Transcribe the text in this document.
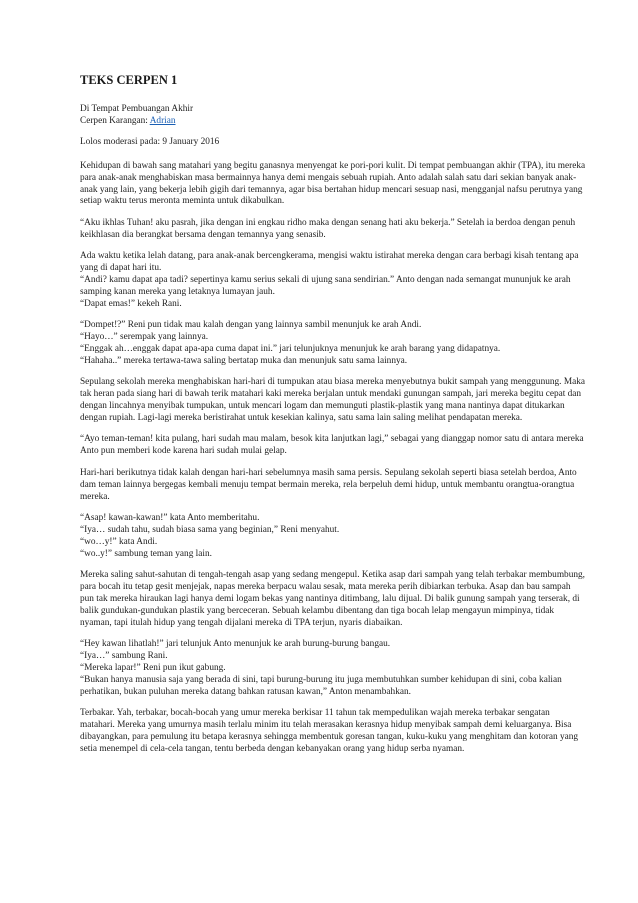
TEKS CERPEN 1

Di Tempat Pembuangan Akhir

Cerpen Karangan: Adrian

Lolos moderasi pada: 9 January 2016

Kehidupan di bawah sang matahari yang begitu ganasnya menyengat ke pori-pori kulit. Di tempat pembuangan akhir (TPA), itu mereka para anak-anak menghabiskan masa bermainnya hanya demi mengais sebuah rupiah. Anto adalah salah satu dari sekian banyak anak-anak yang lain, yang bekerja lebih gigih dari temannya, agar bisa bertahan hidup mencari sesuap nasi, mengganjal nafsu perutnya yang setiap waktu terus meronta meminta untuk dikabulkan.

“Aku ikhlas Tuhan! aku pasrah, jika dengan ini engkau ridho maka dengan senang hati aku bekerja.” Setelah ia berdoa dengan penuh keikhlasan dia berangkat bersama dengan temannya yang senasib.

Ada waktu ketika lelah datang, para anak-anak bercengkerama, mengisi waktu istirahat mereka dengan cara berbagi kisah tentang apa yang di dapat hari itu.
“Andi? kamu dapat apa tadi? sepertinya kamu serius sekali di ujung sana sendirian.” Anto dengan nada semangat mununjuk ke arah samping kanan mereka yang letaknya lumayan jauh.
“Dapat emas!” kekeh Rani.

“Dompet!?” Reni pun tidak mau kalah dengan yang lainnya sambil menunjuk ke arah Andi.
“Hayo…” serempak yang lainnya.
“Enggak ah…enggak dapat apa-apa cuma dapat ini.” jari telunjuknya menunjuk ke arah barang yang didapatnya.
“Hahaha..” mereka tertawa-tawa saling bertatap muka dan menunjuk satu sama lainnya.

Sepulang sekolah mereka menghabiskan hari-hari di tumpukan atau biasa mereka menyebutnya bukit sampah yang menggunung. Maka tak heran pada siang hari di bawah terik matahari kaki mereka berjalan untuk mendaki gunungan sampah, jari mereka begitu cepat dan dengan lincahnya menyibak tumpukan, untuk mencari logam dan memunguti plastik-plastik yang mana nantinya dapat ditukarkan dengan rupiah. Lagi-lagi mereka beristirahat untuk kesekian kalinya, satu sama lain saling melihat pendapatan mereka.

“Ayo teman-teman! kita pulang, hari sudah mau malam, besok kita lanjutkan lagi,” sebagai yang dianggap nomor satu di antara mereka Anto pun memberi kode karena hari sudah mulai gelap.

Hari-hari berikutnya tidak kalah dengan hari-hari sebelumnya masih sama persis. Sepulang sekolah seperti biasa setelah berdoa, Anto dam teman lainnya bergegas kembali menuju tempat bermain mereka, rela berpeluh demi hidup, untuk membantu orangtua-orangtua mereka.

“Asap! kawan-kawan!” kata Anto memberitahu.
“Iya… sudah tahu, sudah biasa sama yang beginian,” Reni menyahut.
“wo…y!” kata Andi.
“wo..y!” sambung teman yang lain.

Mereka saling sahut-sahutan di tengah-tengah asap yang sedang mengepul. Ketika asap dari sampah yang telah terbakar membumbung, para bocah itu tetap gesit menjejak, napas mereka berpacu walau sesak, mata mereka perih dibiarkan terbuka. Asap dan bau sampah pun tak mereka hiraukan lagi hanya demi logam bekas yang nantinya ditimbang, lalu dijual. Di balik gunung sampah yang terserak, di balik gundukan-gundukan plastik yang berceceran. Sebuah kelambu dibentang dan tiga bocah lelap mengayun mimpinya, tidak nyaman, tapi itulah hidup yang tengah dijalani mereka di TPA terjun, nyaris diabaikan.

“Hey kawan lihatlah!” jari telunjuk Anto menunjuk ke arah burung-burung bangau.
“Iya…” sambung Rani.
“Mereka lapar!” Reni pun ikut gabung.
“Bukan hanya manusia saja yang berada di sini, tapi burung-burung itu juga membutuhkan sumber kehidupan di sini, coba kalian perhatikan, bukan puluhan mereka datang bahkan ratusan kawan,” Anton menambahkan.

Terbakar. Yah, terbakar, bocah-bocah yang umur mereka berkisar 11 tahun tak mempedulikan wajah mereka terbakar sengatan matahari. Mereka yang umurnya masih terlalu minim itu telah merasakan kerasnya hidup menyibak sampah demi keluarganya. Bisa dibayangkan, para pemulung itu betapa kerasnya sehingga membentuk goresan tangan, kuku-kuku yang menghitam dan kotoran yang setia menempel di cela-cela tangan, tentu berbeda dengan kebanyakan orang yang hidup serba nyaman.
